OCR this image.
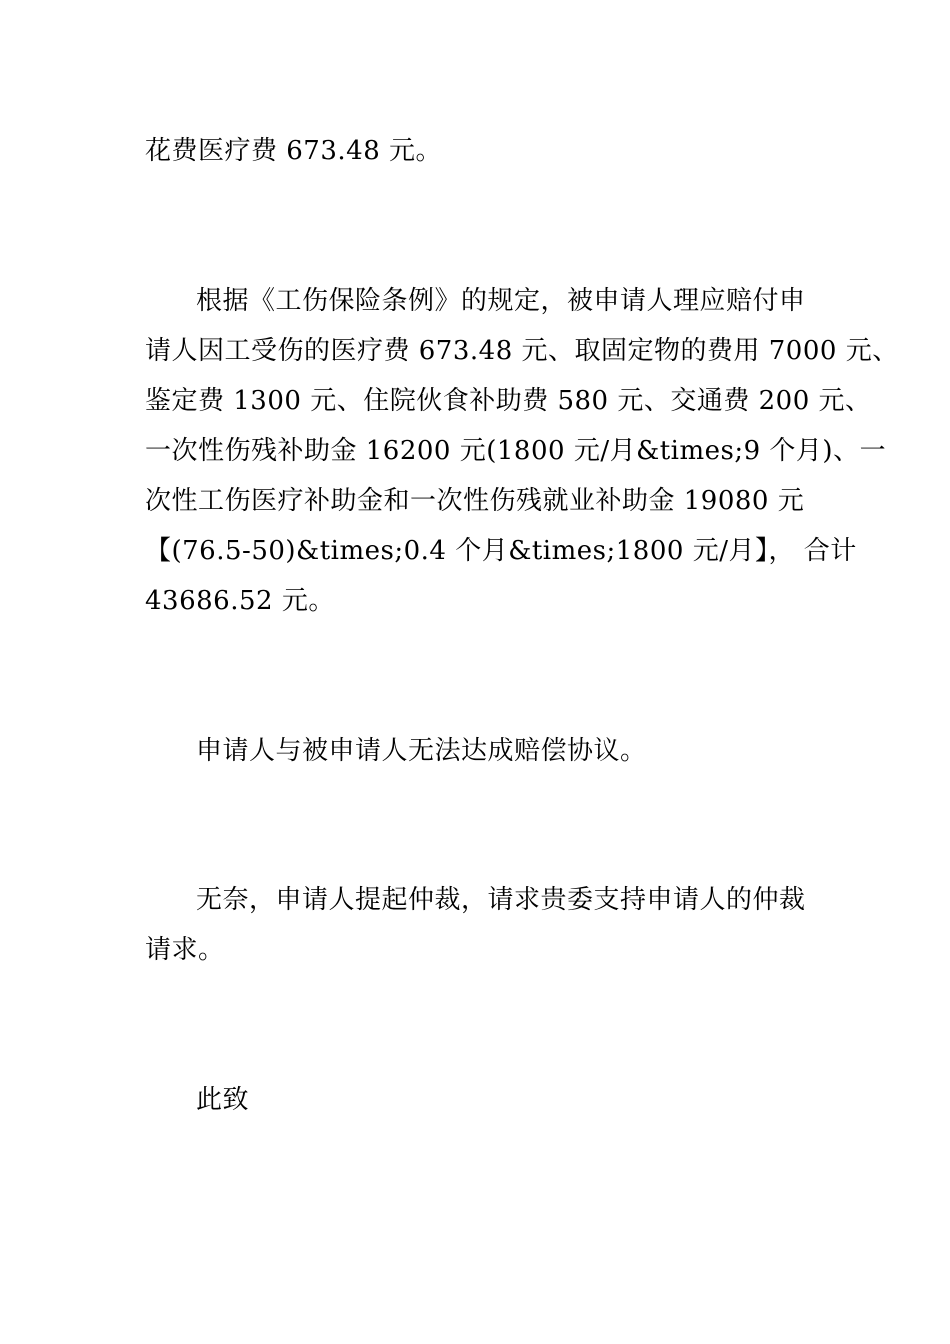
花费医疗费 673.48 元。
根据《工伤保险条例》的规定，被申请人理应赔付申
请人因工受伤的医疗费 673.48 元、取固定物的费用 7000 元、
鉴定费 1300 元、住院伙食补助费 580 元、交通费 200 元、
一次性伤残补助金 16200 元(1800 元/月&times;9 个月)、一
次性工伤医疗补助金和一次性伤残就业补助金 19080 元
【(76.5-50)&times;0.4 个月&times;1800 元/月】， 合计
43686.52 元。
申请人与被申请人无法达成赔偿协议。
无奈，申请人提起仲裁，请求贵委支持申请人的仲裁
请求。
此致
